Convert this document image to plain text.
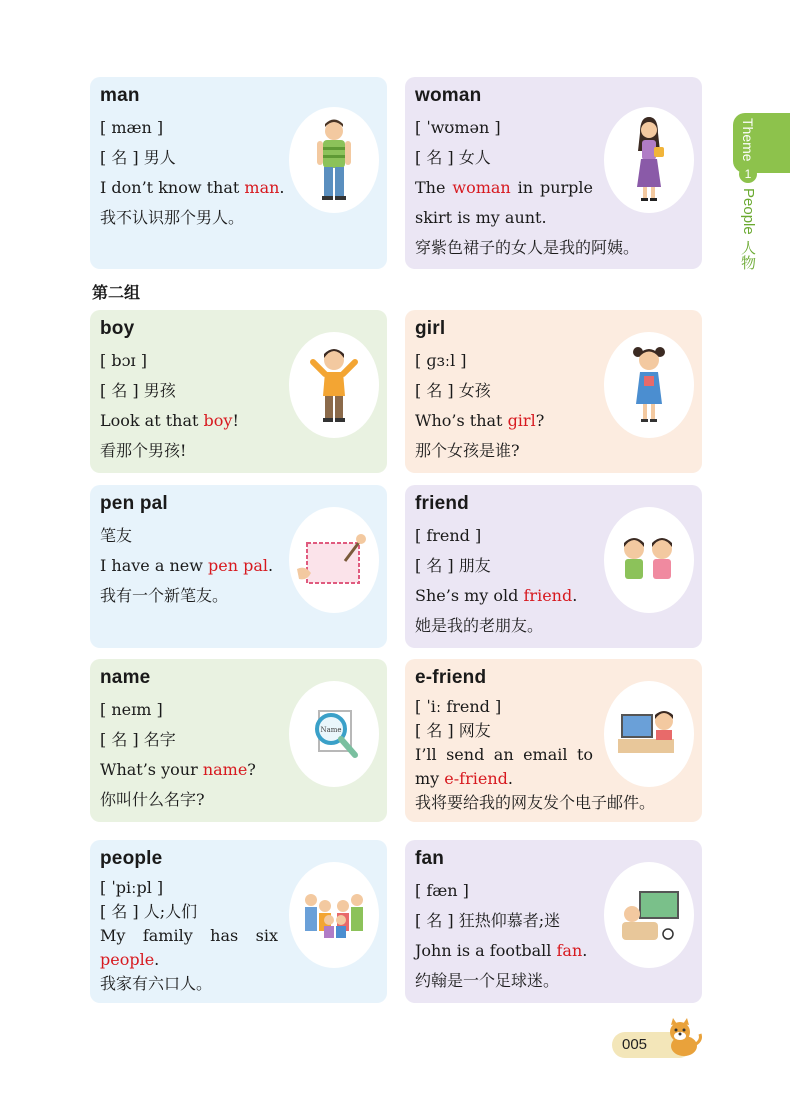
man
[ mæn ]
[ 名 ] 男人
I don’t know that man.
我不认识那个男人。
woman
[ ˈwʊmən ]
[ 名 ] 女人
The woman in purple
skirt is my aunt.
穿紫色裙子的女人是我的阿姨。
第二组
boy
[ bɔɪ ]
[ 名 ] 男孩
Look at that boy!
看那个男孩!
girl
[ ɡɜːl ]
[ 名 ] 女孩
Who’s that girl?
那个女孩是谁?
pen pal
笔友
I have a new pen pal.
我有一个新笔友。
friend
[ frend ]
[ 名 ] 朋友
She’s my old friend.
她是我的老朋友。
name
[ neɪm ]
[ 名 ] 名字
What’s your name?
你叫什么名字?
Name
e-friend
[ ˈiː frend ]
[ 名 ] 网友
I’ll send an email to
my e-friend.
我将要给我的网友发个电子邮件。
people
[ ˈpiːpl ]
[ 名 ] 人;人们
My family has six
people.
我家有六口人。
fan
[ fæn ]
[ 名 ] 狂热仰慕者;迷
John is a football fan.
约翰是一个足球迷。
Theme
1
People
人物
005
